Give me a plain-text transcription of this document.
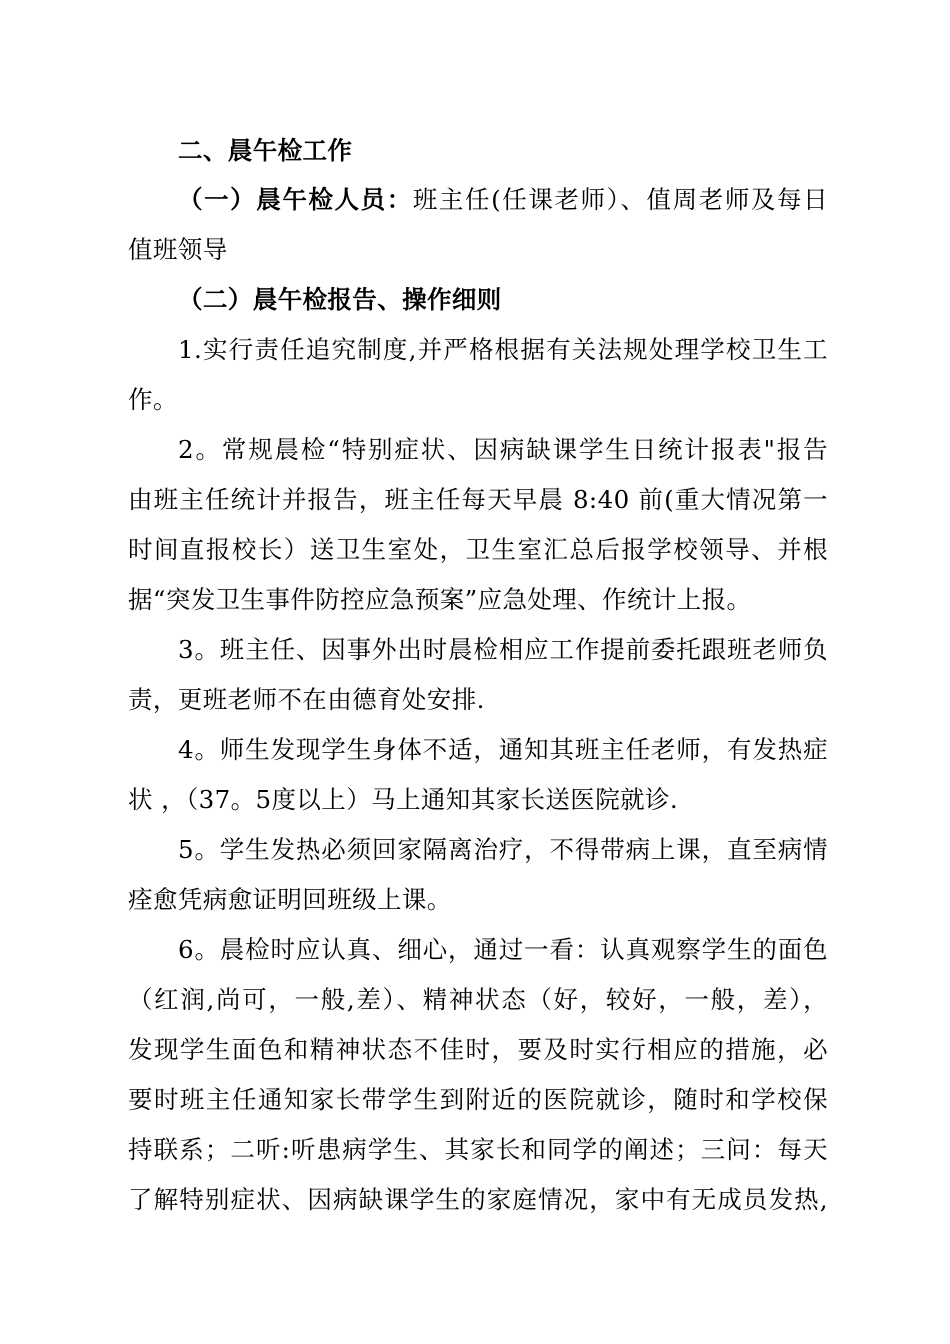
二、晨午检工作
（一）晨午检人员：班主任(任课老师）、值周老师及每日
值班领导
（二）晨午检报告、操作细则
1.实行责任追究制度,并严格根据有关法规处理学校卫生工
作。
2。常规晨检“特别症状、因病缺课学生日统计报表"报告
由班主任统计并报告，班主任每天早晨 8:40 前(重大情况第一
时间直报校长）送卫生室处，卫生室汇总后报学校领导、并根
据“突发卫生事件防控应急预案”应急处理、作统计上报。
3。班主任、因事外出时晨检相应工作提前委托跟班老师负
责，更班老师不在由德育处安排.
4。师生发现学生身体不适，通知其班主任老师，有发热症
状 ，（37。5度以上）马上通知其家长送医院就诊.
5。学生发热必须回家隔离治疗，不得带病上课，直至病情
痊愈凭病愈证明回班级上课。
6。晨检时应认真、细心，通过一看：认真观察学生的面色
（红润,尚可，一般,差）、精神状态（好，较好，一般，差），
发现学生面色和精神状态不佳时，要及时实行相应的措施，必
要时班主任通知家长带学生到附近的医院就诊，随时和学校保
持联系；二听:听患病学生、其家长和同学的阐述；三问：每天
了解特别症状、因病缺课学生的家庭情况，家中有无成员发热,
